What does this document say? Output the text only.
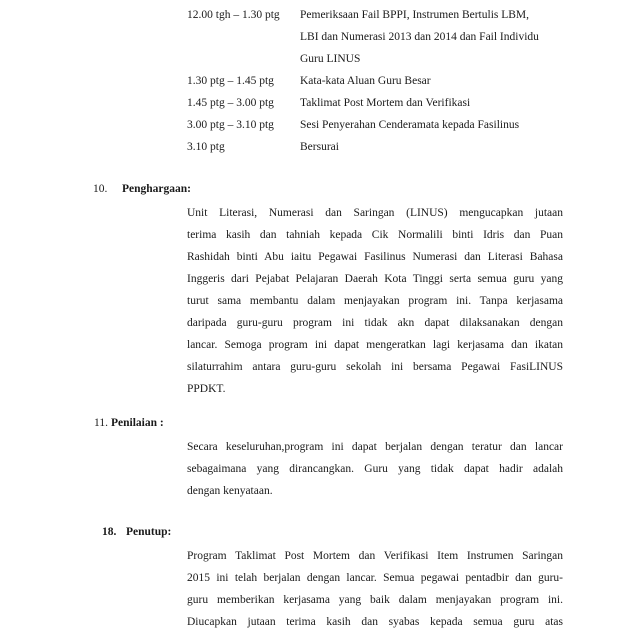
12.00 tgh – 1.30 ptg Pemeriksaan Fail BPPI, Instrumen Bertulis LBM,
LBI dan Numerasi 2013 dan 2014 dan Fail Individu
Guru LINUS
1.30 ptg – 1.45 ptg Kata-kata Aluan Guru Besar
1.45 ptg – 3.00 ptg Taklimat Post Mortem dan Verifikasi
3.00 ptg – 3.10 ptg Sesi Penyerahan Cenderamata kepada Fasilinus
3.10 ptg	Bersurai
10. Penghargaan:
Unit Literasi, Numerasi dan Saringan (LINUS) mengucapkan jutaan
terima kasih dan tahniah kepada Cik Normalili binti Idris dan Puan
Rashidah binti Abu iaitu Pegawai Fasilinus Numerasi dan Literasi Bahasa
Inggeris dari Pejabat Pelajaran Daerah Kota Tinggi serta semua guru yang
turut sama membantu dalam menjayakan program ini. Tanpa kerjasama
daripada guru-guru program ini tidak akn dapat dilaksanakan dengan
lancar. Semoga program ini dapat mengeratkan lagi kerjasama dan ikatan
silaturrahim antara guru-guru sekolah ini bersama Pegawai FasiLINUS
PPDKT.
11. Penilaian :
Secara keseluruhan,program ini dapat berjalan dengan teratur dan lancar
sebagaimana yang dirancangkan. Guru yang tidak dapat hadir adalah
dengan kenyataan.
18. Penutup:
Program Taklimat Post Mortem dan Verifikasi Item Instrumen Saringan
2015 ini telah berjalan dengan lancar. Semua pegawai pentadbir dan guru-
guru memberikan kerjasama yang baik dalam menjayakan program ini.
Diucapkan jutaan terima kasih dan syabas kepada semua guru atas
